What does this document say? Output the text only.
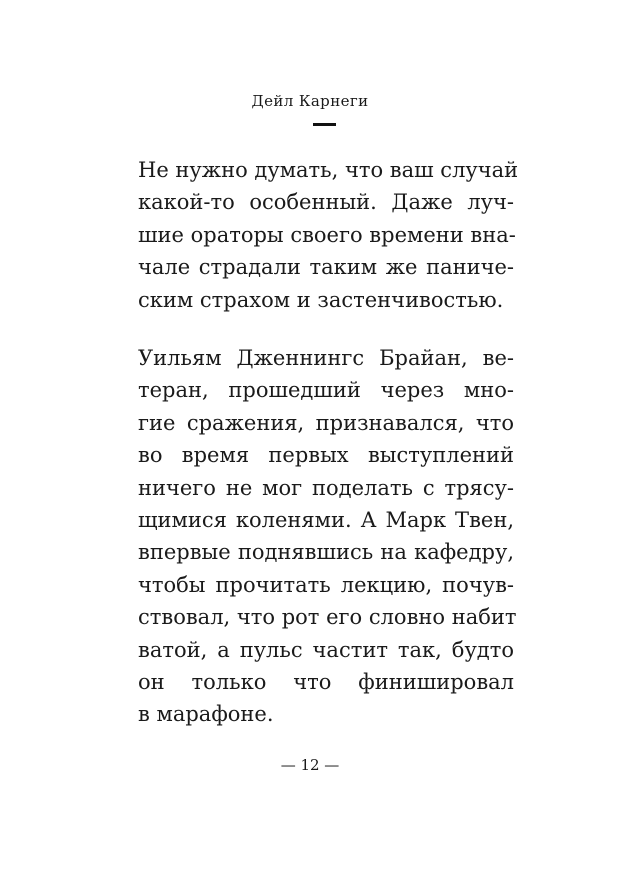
Дейл Карнеги

Не нужно думать, что ваш случай
какой-то особенный. Даже луч-
шие ораторы своего времени вна-
чале страдали таким же паниче-
ским страхом и застенчивостью.

Уильям Дженнингс Брайан, ве-
теран, прошедший через мно-
гие сражения, признавался, что
во время первых выступлений
ничего не мог поделать с трясу-
щимися коленями. А Марк Твен,
впервые поднявшись на кафедру,
чтобы прочитать лекцию, почув-
ствовал, что рот его словно набит
ватой, а пульс частит так, будто
он только что финишировал
в марафоне.

— 12 —
